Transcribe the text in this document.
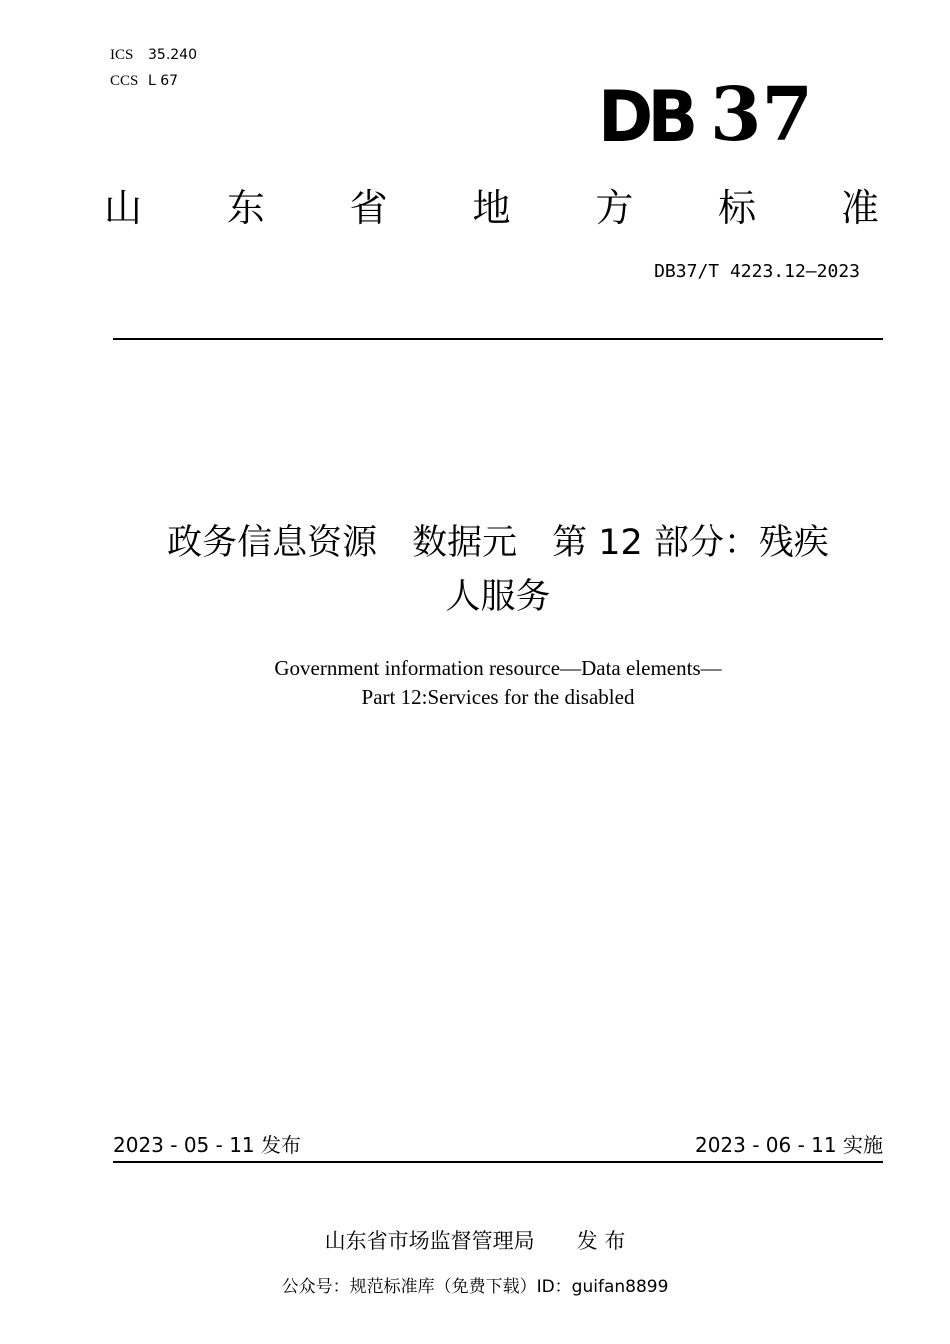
ICS 35.240
CCS L 67	DB 37
山 东 省 地 方 标 准
DB37/T 4223.12—2023
政务信息资源　数据元　第 12 部分：残疾
人服务
Government information resource—Data elements—
Part 12:Services for the disabled
2023 - 05 - 11 发布	2023 - 06 - 11 实施
山东省市场监督管理局 发 布
公众号：规范标准库（免费下载）ID：guifan8899
